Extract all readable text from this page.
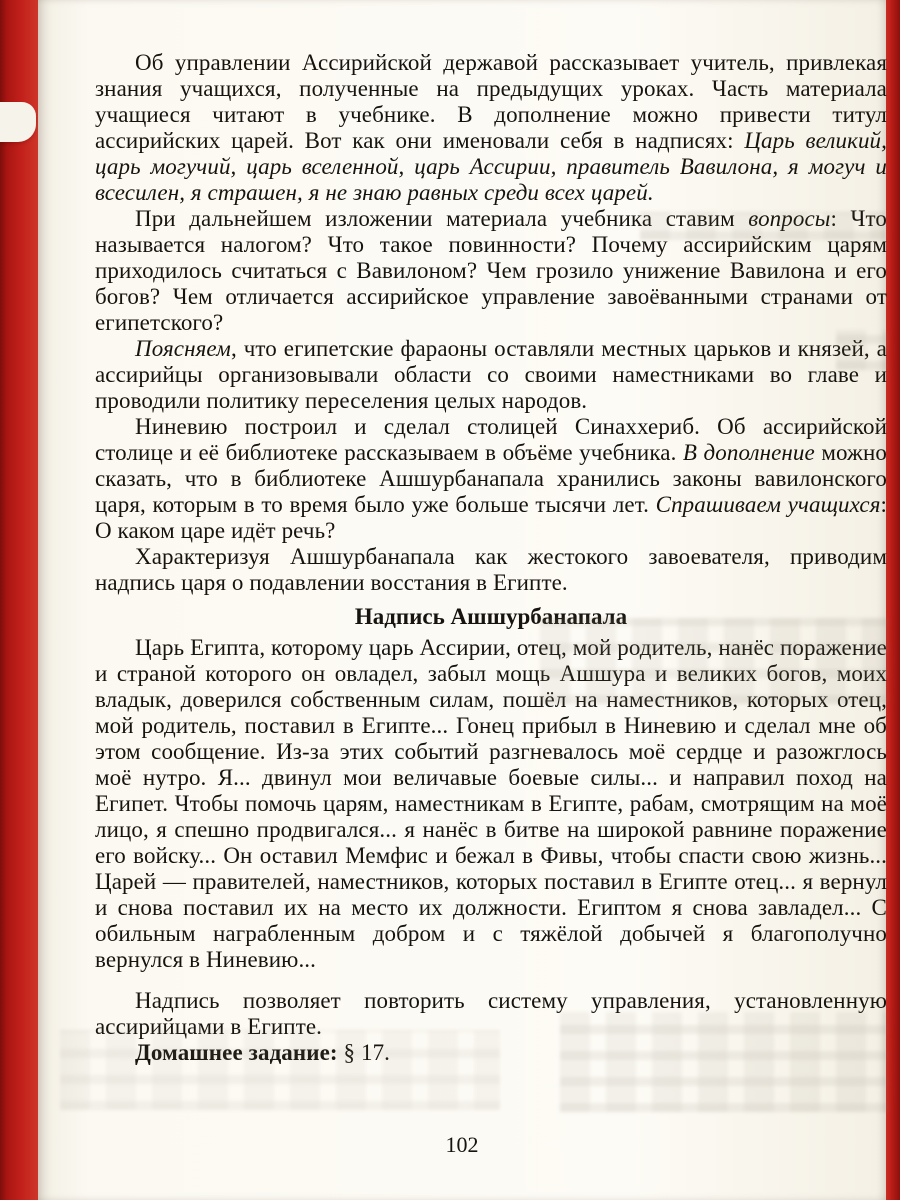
Об управлении Ассирийской державой рассказывает учитель, привлекая знания учащихся, полученные на предыдущих уроках. Часть материала учащиеся читают в учебнике. В дополнение можно привести титул ассирийских царей. Вот как они именовали себя в надписях: Царь великий, царь могучий, царь вселенной, царь Ассирии, правитель Вавилона, я могуч и всесилен, я страшен, я не знаю равных среди всех царей.

При дальнейшем изложении материала учебника ставим вопросы: Что называется налогом? Что такое повинности? Почему ассирийским царям приходилось считаться с Вавилоном? Чем грозило унижение Вавилона и его богов? Чем отличается ассирийское управление завоёванными странами от египетского?

Поясняем, что египетские фараоны оставляли местных царьков и князей, а ассирийцы организовывали области со своими наместниками во главе и проводили политику переселения целых народов.

Ниневию построил и сделал столицей Синаххериб. Об ассирийской столице и её библиотеке рассказываем в объёме учебника. В дополнение можно сказать, что в библиотеке Ашшурбанапала хранились законы вавилонского царя, которым в то время было уже больше тысячи лет. Спрашиваем учащихся: О каком царе идёт речь?

Характеризуя Ашшурбанапала как жестокого завоевателя, приводим надпись царя о подавлении восстания в Египте.

Надпись Ашшурбанапала

Царь Египта, которому царь Ассирии, отец, мой родитель, нанёс поражение и страной которого он овладел, забыл мощь Ашшура и великих богов, моих владык, доверился собственным силам, пошёл на наместников, которых отец, мой родитель, поставил в Египте... Гонец прибыл в Ниневию и сделал мне об этом сообщение. Из-за этих событий разгневалось моё сердце и разожглось моё нутро. Я... двинул мои величавые боевые силы... и направил поход на Египет. Чтобы помочь царям, наместникам в Египте, рабам, смотрящим на моё лицо, я спешно продвигался... я нанёс в битве на широкой равнине поражение его войску... Он оставил Мемфис и бежал в Фивы, чтобы спасти свою жизнь... Царей — правителей, наместников, которых поставил в Египте отец... я вернул и снова поставил их на место их должности. Египтом я снова завладел... С обильным награбленным добром и с тяжёлой добычей я благополучно вернулся в Ниневию...

Надпись позволяет повторить систему управления, установленную ассирийцами в Египте.

Домашнее задание: § 17.

102
